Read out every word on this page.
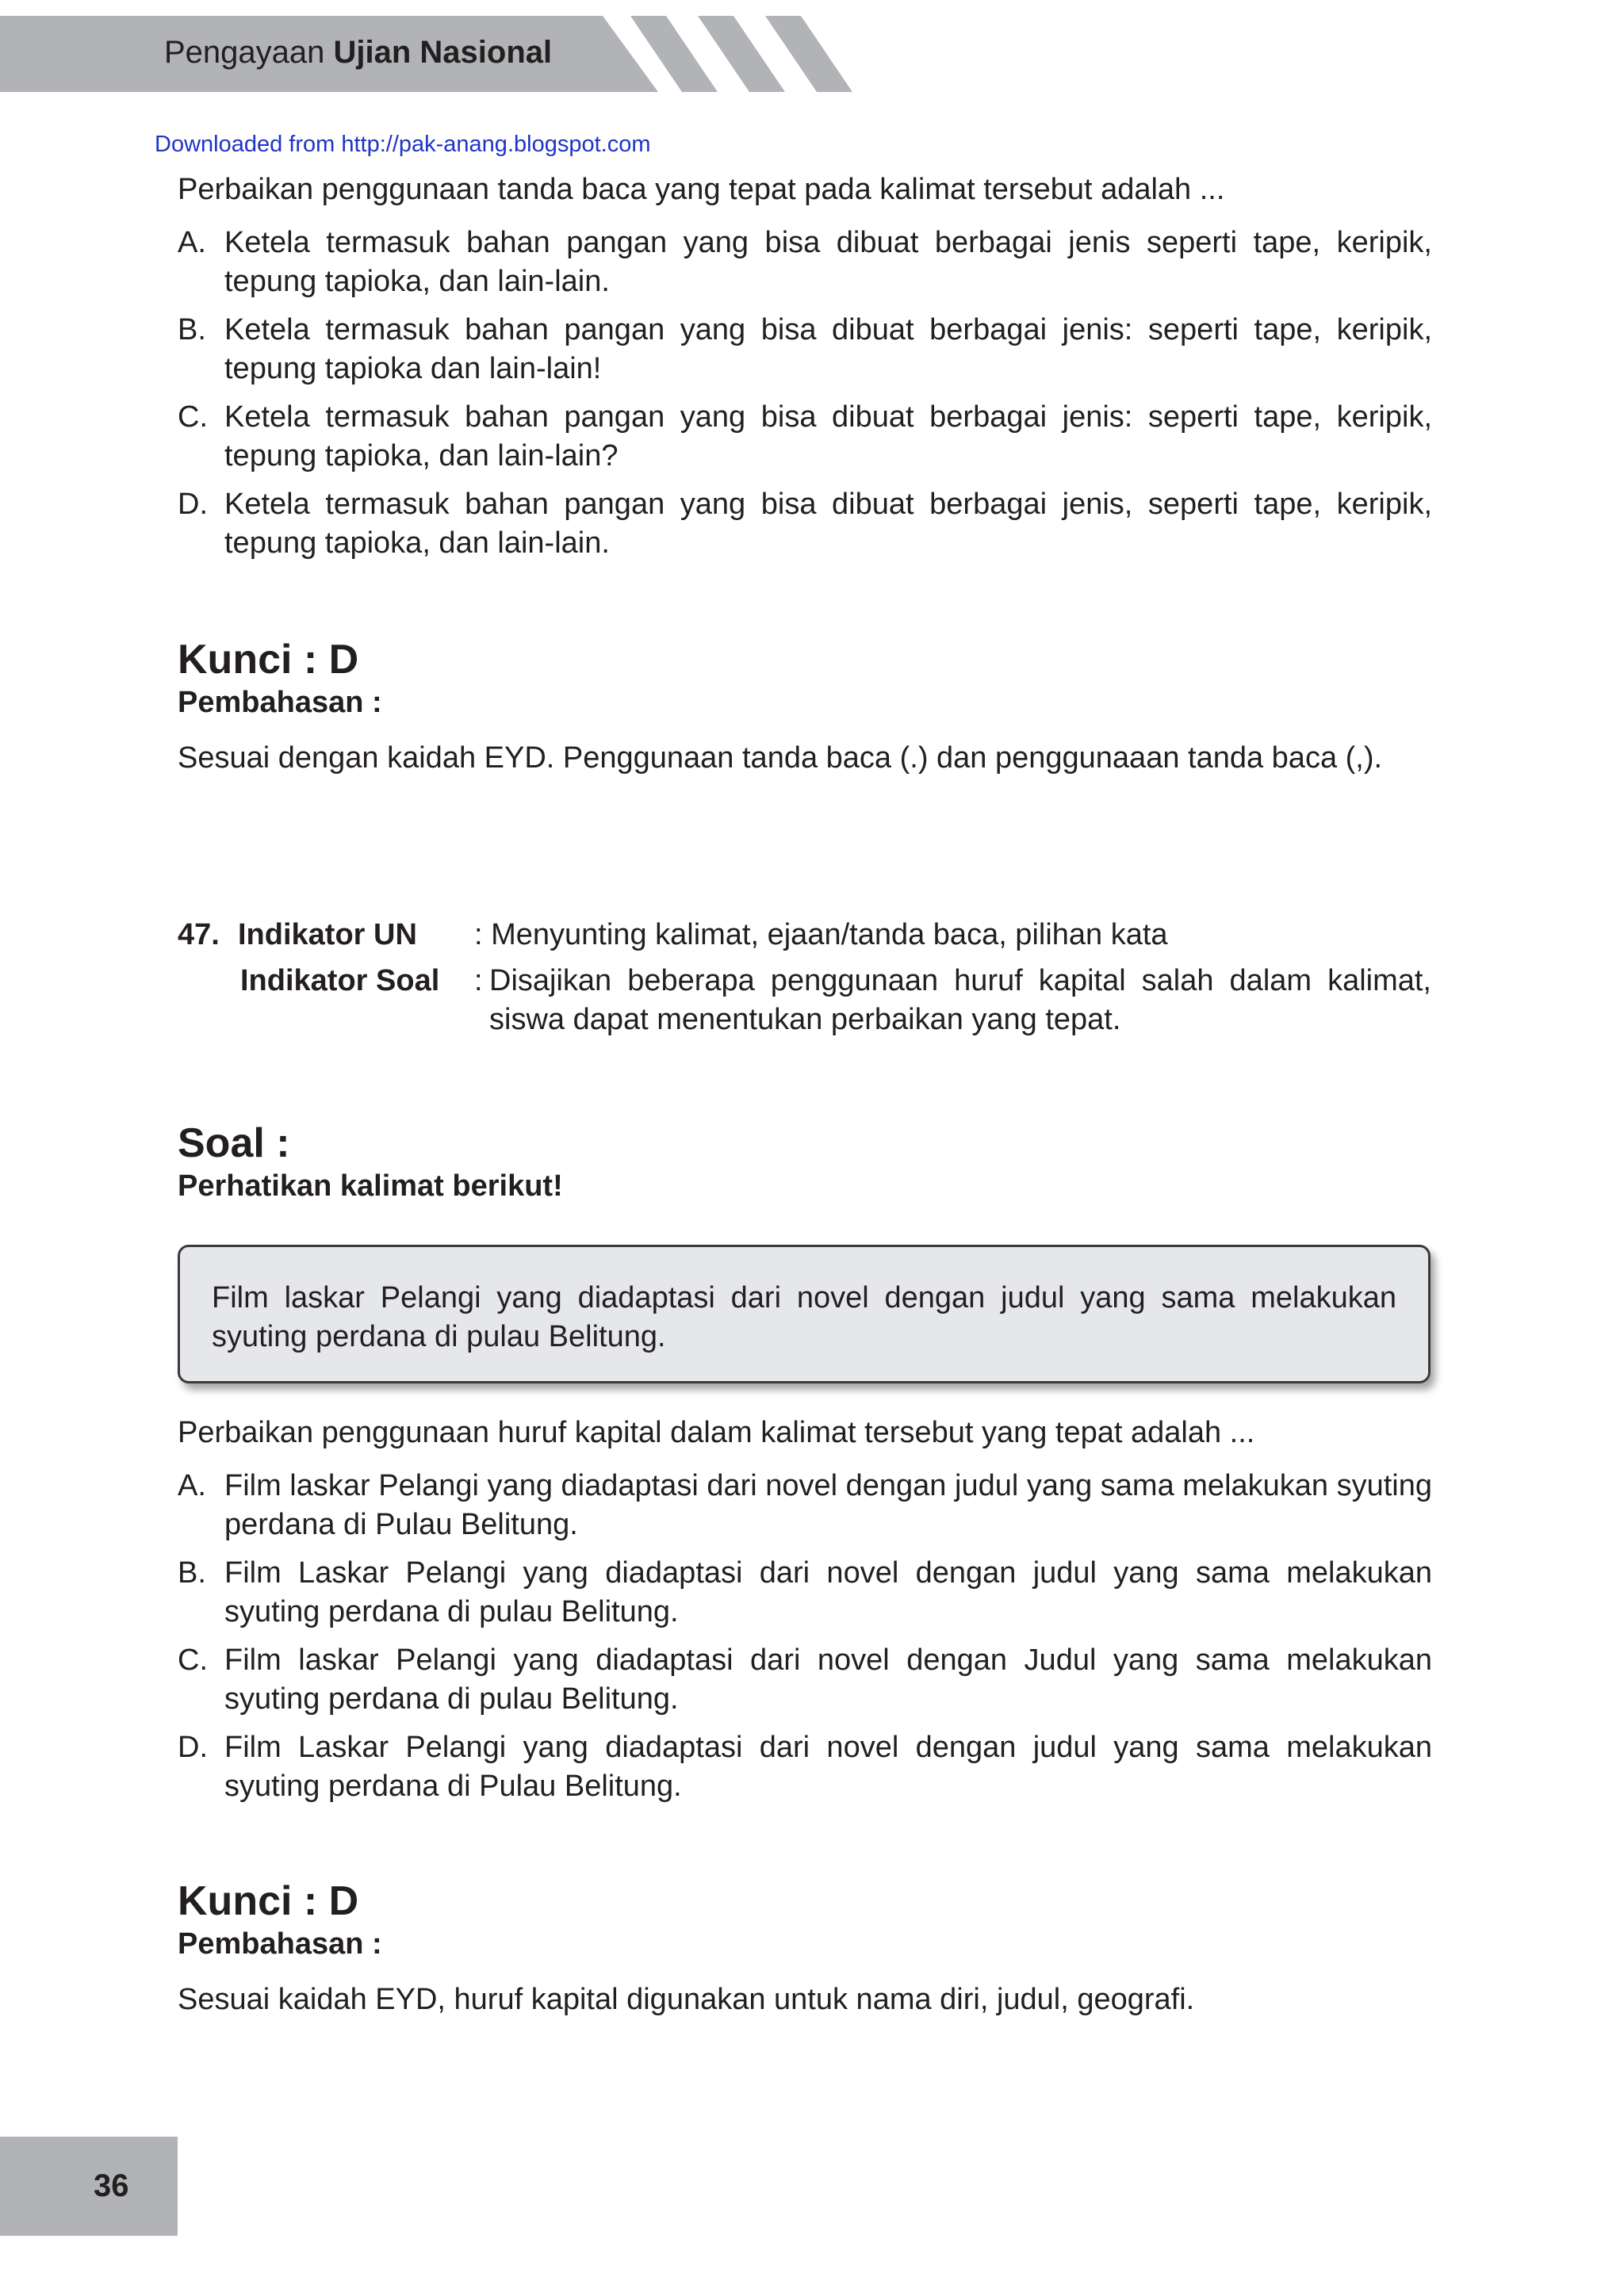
Pengayaan Ujian Nasional
Downloaded from http://pak-anang.blogspot.com

Perbaikan penggunaan tanda baca yang tepat pada kalimat tersebut adalah ...

A. Ketela termasuk bahan pangan yang bisa dibuat berbagai jenis seperti tape, keripik, tepung tapioka, dan lain-lain.
B. Ketela termasuk bahan pangan yang bisa dibuat berbagai jenis: seperti tape, keripik, tepung tapioka dan lain-lain!
C. Ketela termasuk bahan pangan yang bisa dibuat berbagai jenis: seperti tape, keripik, tepung tapioka, dan lain-lain?
D. Ketela termasuk bahan pangan yang bisa dibuat berbagai jenis, seperti tape, keripik, tepung tapioka, dan lain-lain.

Kunci : D

Pembahasan :

Sesuai dengan kaidah EYD. Penggunaan tanda baca (.) dan penggunaaan tanda baca (,).

47. Indikator UN : Menyunting kalimat, ejaan/tanda baca, pilihan kata
Indikator Soal : Disajikan beberapa penggunaan huruf kapital salah dalam kalimat, siswa dapat menentukan perbaikan yang tepat.

Soal :

Perhatikan kalimat berikut!

Film laskar Pelangi yang diadaptasi dari novel dengan judul yang sama melakukan syuting perdana di pulau Belitung.

Perbaikan penggunaan huruf kapital dalam kalimat tersebut yang tepat adalah ...

A. Film laskar Pelangi yang diadaptasi dari novel dengan judul yang sama melakukan syuting perdana di Pulau Belitung.
B. Film Laskar Pelangi yang diadaptasi dari novel dengan judul yang sama melakukan syuting perdana di pulau Belitung.
C. Film laskar Pelangi yang diadaptasi dari novel dengan Judul yang sama melakukan syuting perdana di pulau Belitung.
D. Film Laskar Pelangi yang diadaptasi dari novel dengan judul yang sama melakukan syuting perdana di Pulau Belitung.

Kunci : D

Pembahasan :

Sesuai kaidah EYD, huruf kapital digunakan untuk nama diri, judul, geografi.

36
